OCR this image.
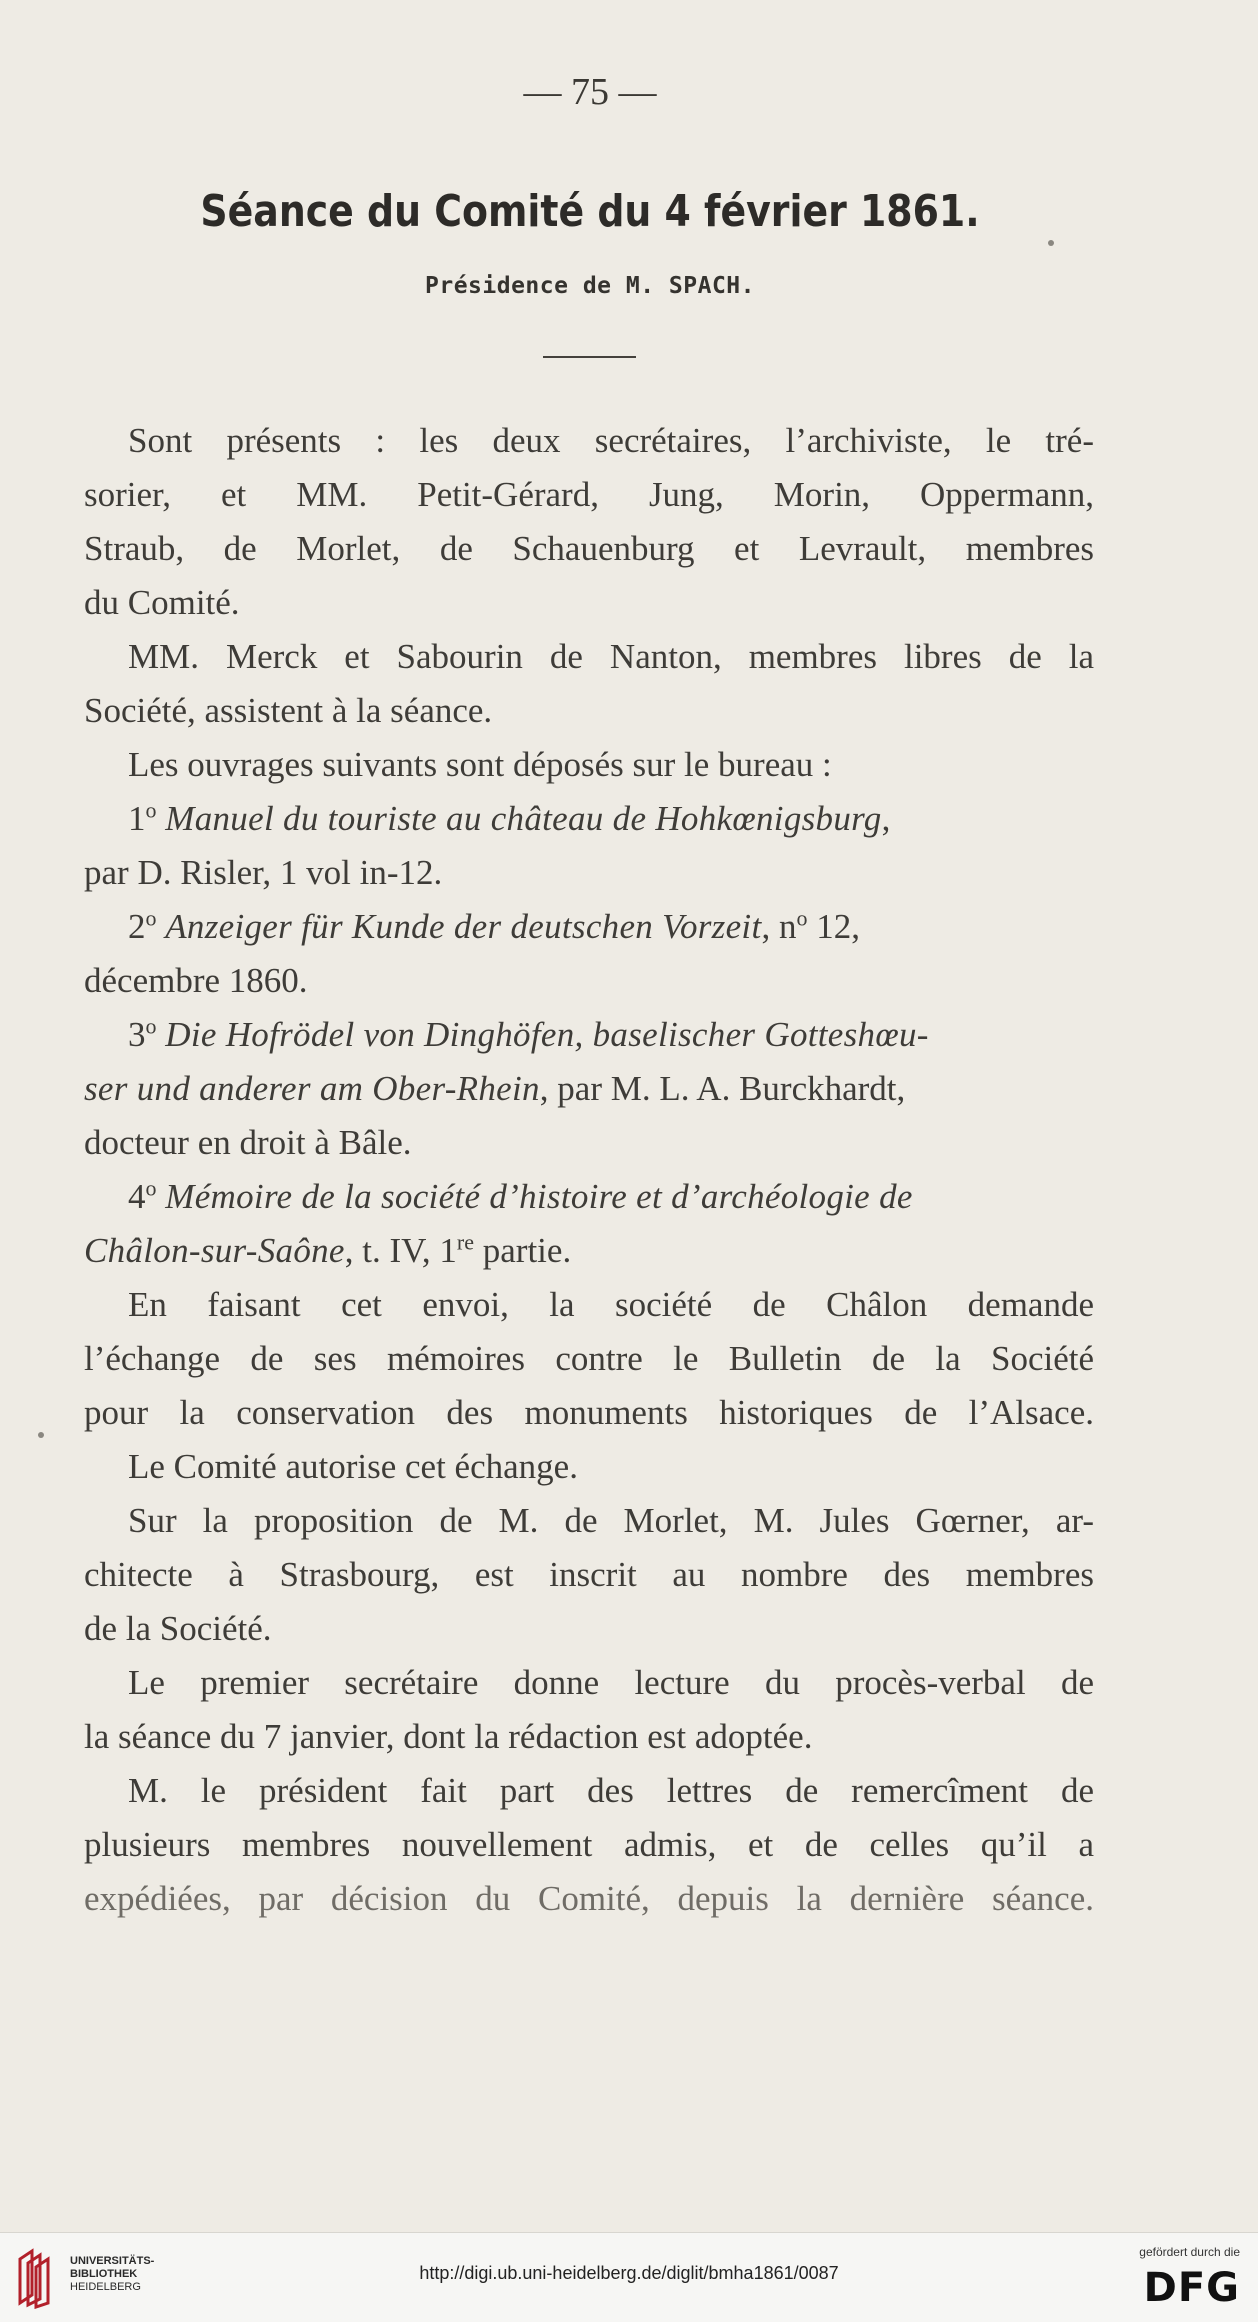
— 75 —
Séance du Comité du 4 février 1861.
Présidence de M. SPACH.
Sont présents : les deux secrétaires, l’archiviste, le tré-
sorier, et MM. Petit-Gérard, Jung, Morin, Oppermann,
Straub, de Morlet, de Schauenburg et Levrault, membres
du Comité.
MM. Merck et Sabourin de Nanton, membres libres de la
Société, assistent à la séance.
Les ouvrages suivants sont déposés sur le bureau :
1$^o$ Manuel du touriste au château de Hohkœnigsburg,
par D. Risler, 1 vol in-12.
2$^o$ Anzeiger für Kunde der deutschen Vorzeit, $n^o$ 12,
décembre 1860.
3$^o$ Die Hofrödel von Dinghöfen, baselischer Gotteshœu-
ser und anderer am Ober-Rhein, par M. L. A. Burckhardt,
docteur en droit à Bâle.
4$^o$ Mémoire de la société d’histoire et d’archéologie de
Châlon-sur-Saône, t. IV, 1re partie.
En faisant cet envoi, la société de Châlon demande
l’échange de ses mémoires contre le Bulletin de la Société
pour la conservation des monuments historiques de l’Alsace.
Le Comité autorise cet échange.
Sur la proposition de M. de Morlet, M. Jules Gœrner, ar-
chitecte à Strasbourg, est inscrit au nombre des membres
de la Société.
Le premier secrétaire donne lecture du procès-verbal de
la séance du 7 janvier, dont la rédaction est adoptée.
M. le président fait part des lettres de remercîment de
plusieurs membres nouvellement admis, et de celles qu’il a
expédiées, par décision du Comité, depuis la dernière séance.
UNIVERSITÄTS-
BIBLIOTHEK
HEIDELBERG
http://digi.ub.uni-heidelberg.de/diglit/bmha1861/0087
gefördert durch die
DFG
